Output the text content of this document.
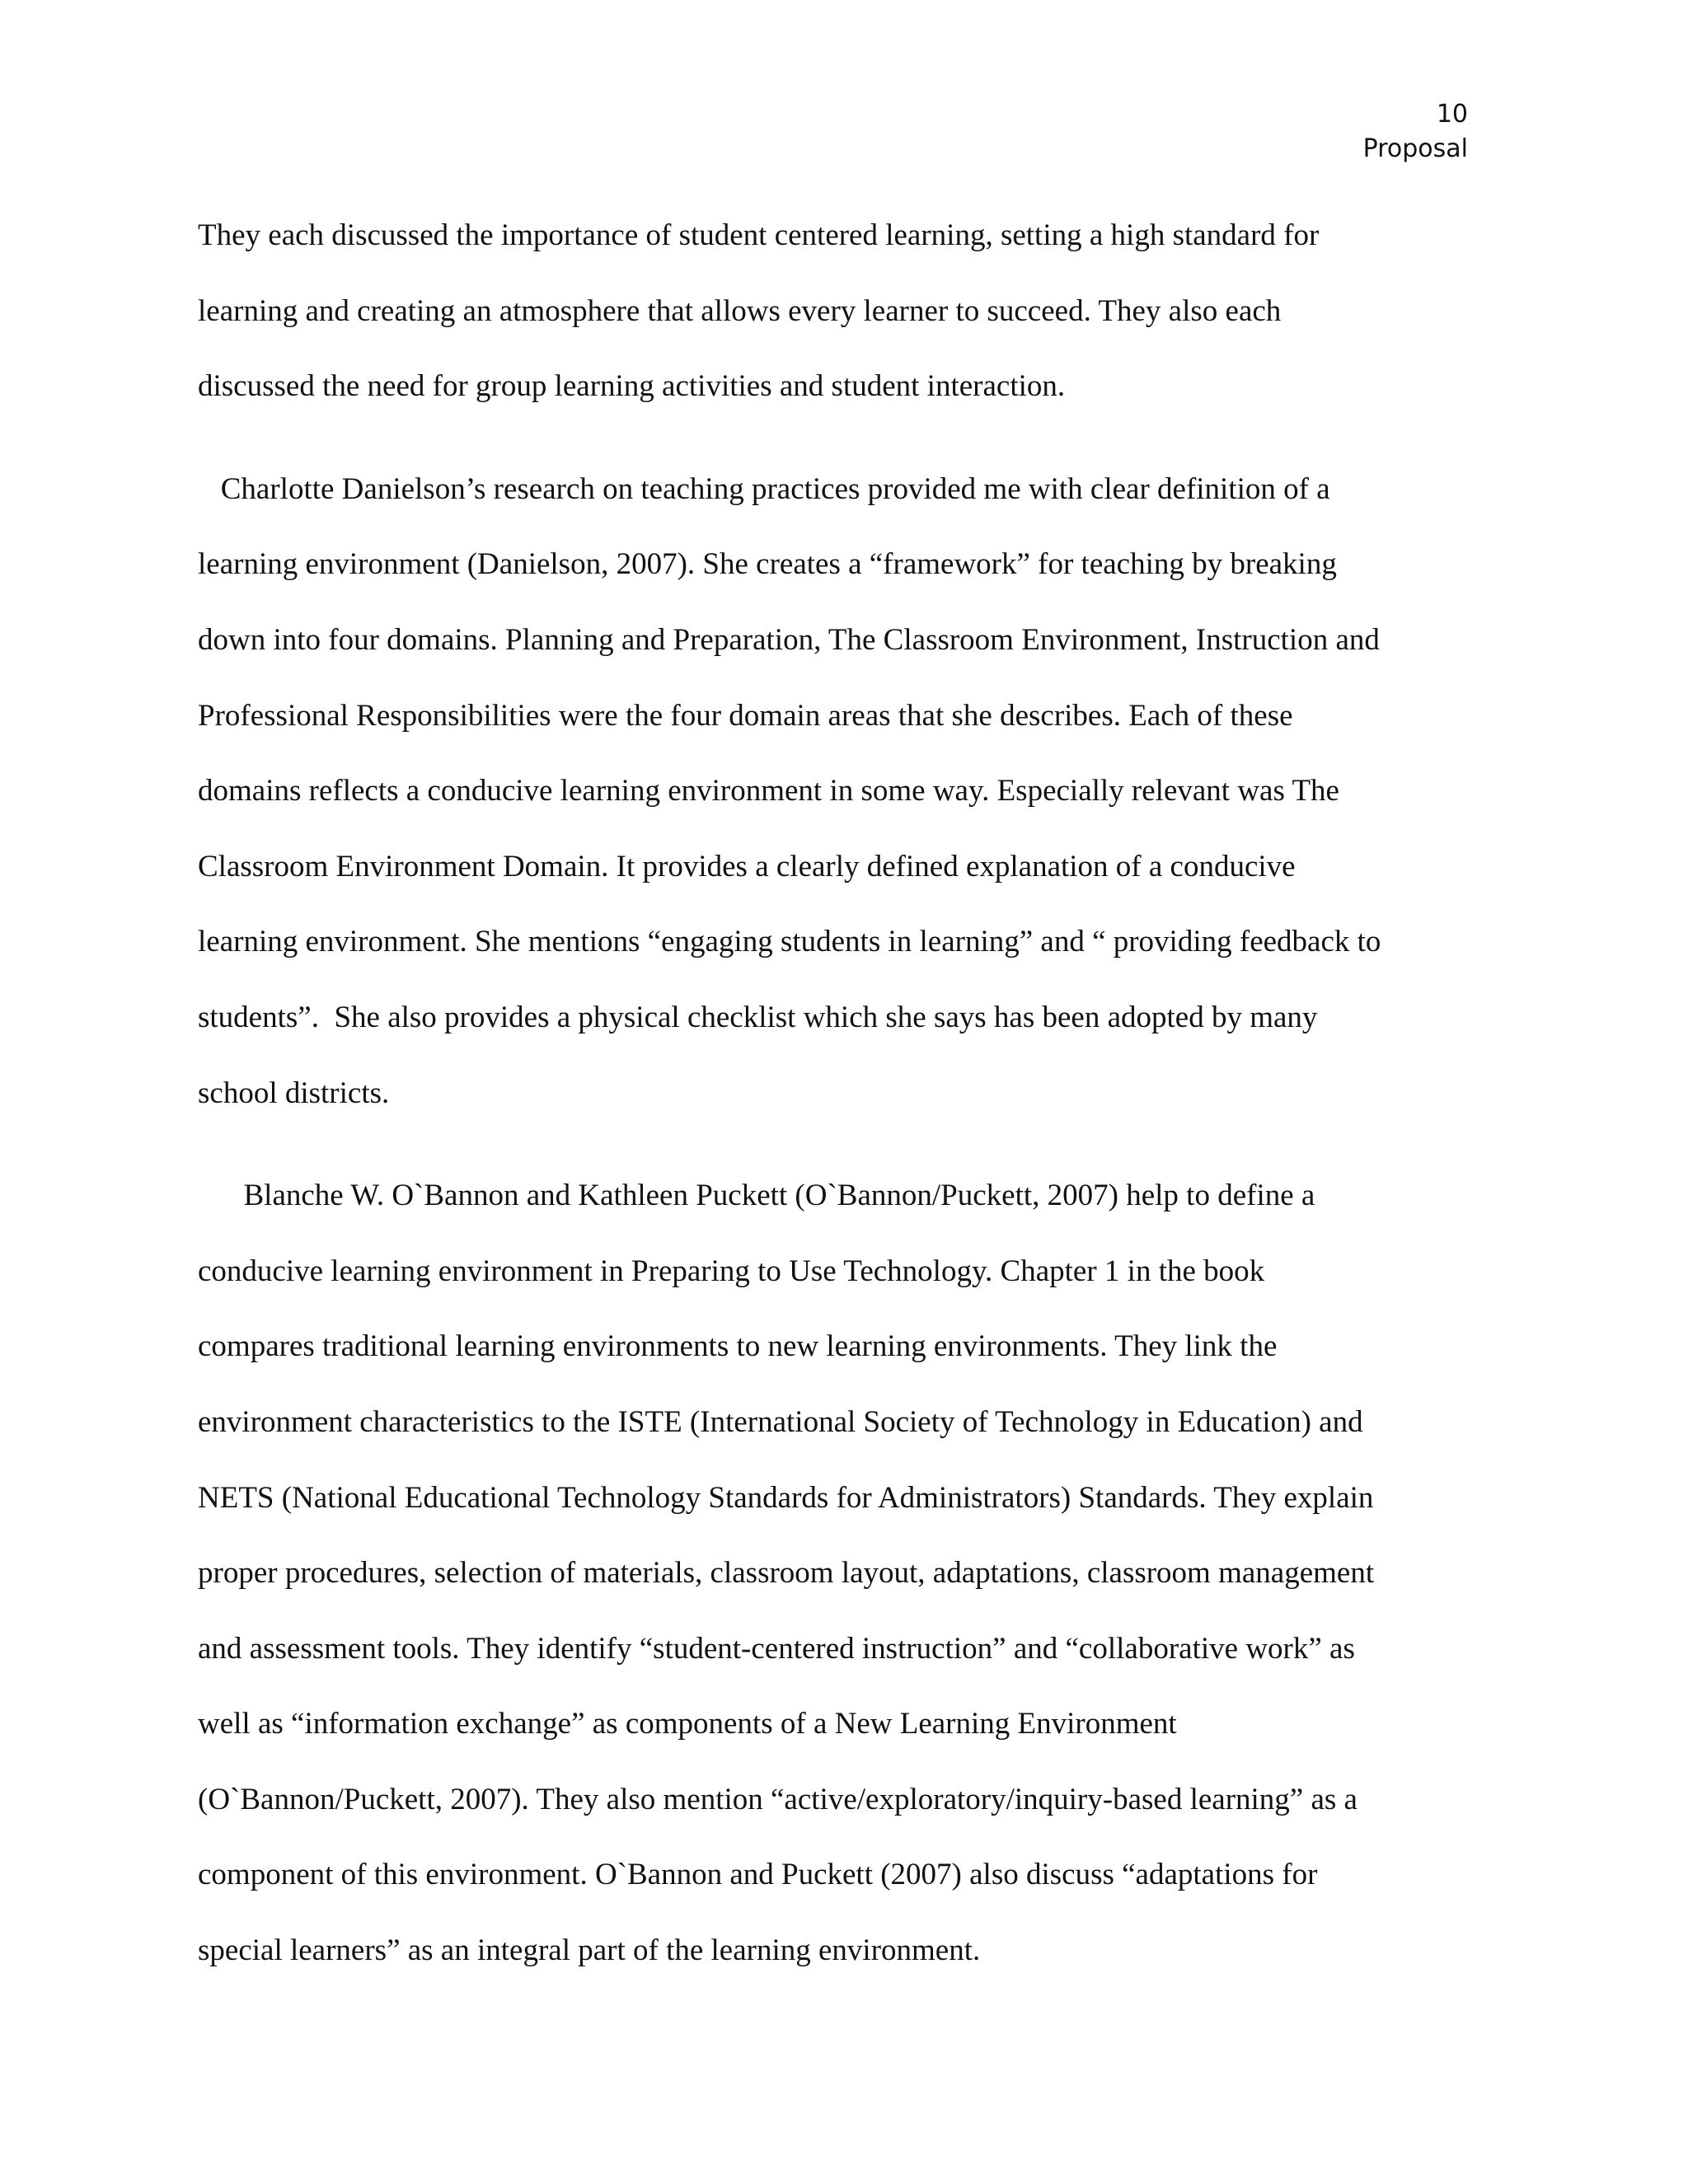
10
Proposal
They each discussed the importance of student centered learning, setting a high standard for
learning and creating an atmosphere that allows every learner to succeed. They also each
discussed the need for group learning activities and student interaction.
Charlotte Danielson’s research on teaching practices provided me with clear definition of a
learning environment (Danielson, 2007). She creates a “framework” for teaching by breaking
down into four domains. Planning and Preparation, The Classroom Environment, Instruction and
Professional Responsibilities were the four domain areas that she describes. Each of these
domains reflects a conducive learning environment in some way. Especially relevant was The
Classroom Environment Domain. It provides a clearly defined explanation of a conducive
learning environment. She mentions “engaging students in learning” and “ providing feedback to
students”.  She also provides a physical checklist which she says has been adopted by many
school districts.
Blanche W. O`Bannon and Kathleen Puckett (O`Bannon/Puckett, 2007) help to define a
conducive learning environment in Preparing to Use Technology. Chapter 1 in the book
compares traditional learning environments to new learning environments. They link the
environment characteristics to the ISTE (International Society of Technology in Education) and
NETS (National Educational Technology Standards for Administrators) Standards. They explain
proper procedures, selection of materials, classroom layout, adaptations, classroom management
and assessment tools. They identify “student-centered instruction” and “collaborative work” as
well as “information exchange” as components of a New Learning Environment
(O`Bannon/Puckett, 2007). They also mention “active/exploratory/inquiry-based learning” as a
component of this environment. O`Bannon and Puckett (2007) also discuss “adaptations for
special learners” as an integral part of the learning environment.
